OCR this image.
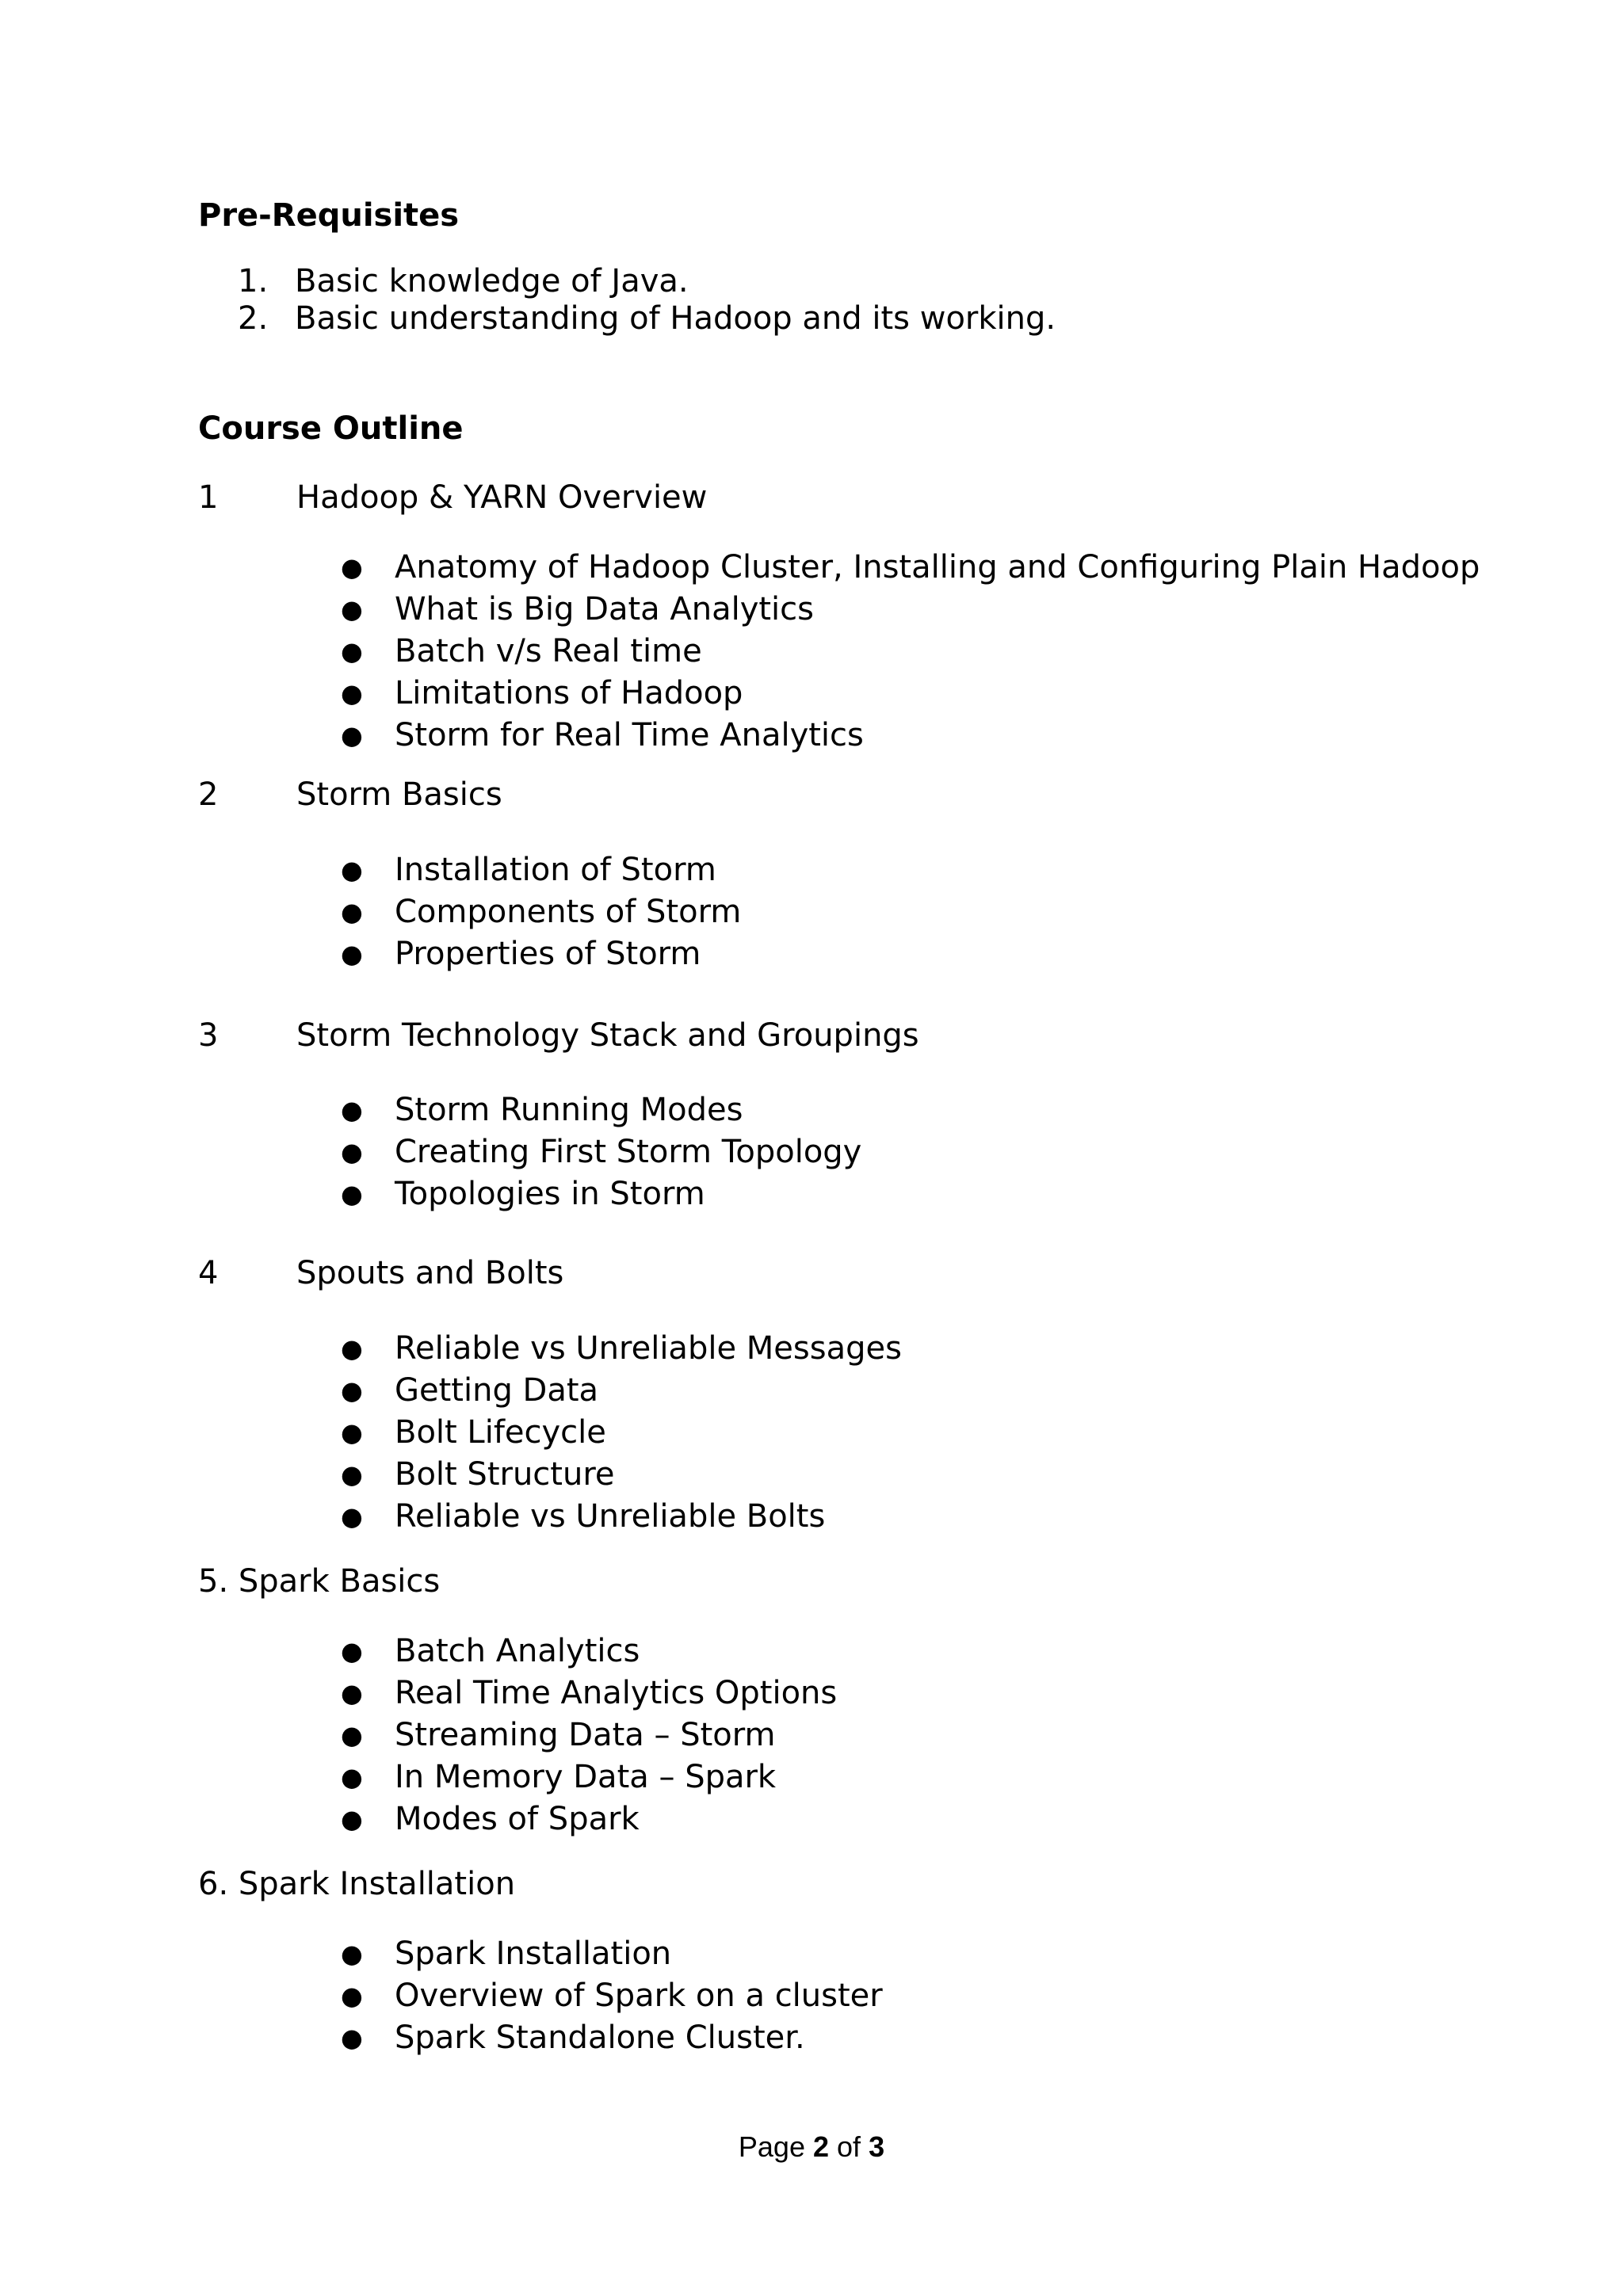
Pre-Requisites
1. Basic knowledge of Java.
2. Basic understanding of Hadoop and its working.
Course Outline
1 Hadoop & YARN Overview
● Anatomy of Hadoop Cluster, Installing and Configuring Plain Hadoop
● What is Big Data Analytics
● Batch v/s Real time
● Limitations of Hadoop
● Storm for Real Time Analytics
2 Storm Basics
● Installation of Storm
● Components of Storm
● Properties of Storm
3 Storm Technology Stack and Groupings
● Storm Running Modes
● Creating First Storm Topology
● Topologies in Storm
4 Spouts and Bolts
● Reliable vs Unreliable Messages
● Getting Data
● Bolt Lifecycle
● Bolt Structure
● Reliable vs Unreliable Bolts
5. Spark Basics
● Batch Analytics
● Real Time Analytics Options
● Streaming Data – Storm
● In Memory Data – Spark
● Modes of Spark
6. Spark Installation
● Spark Installation
● Overview of Spark on a cluster
● Spark Standalone Cluster.
Page 2 of 3
